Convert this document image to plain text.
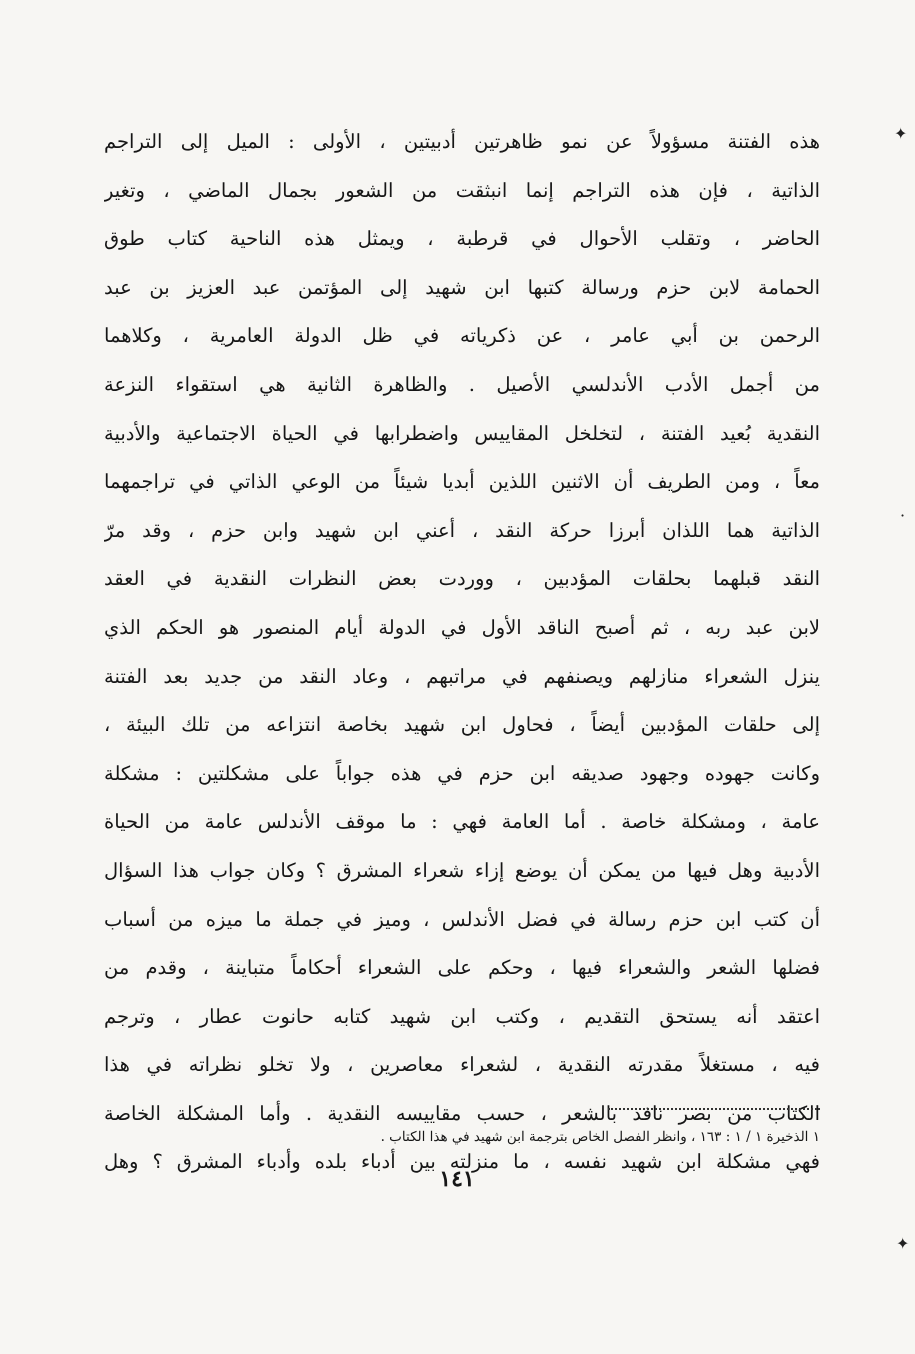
✦
·
✦
هذه الفتنة مسؤولاً عن نمو ظاهرتين أدبيتين ، الأولى : الميل إلى التراجم
الذاتية ، فإن هذه التراجم إنما انبثقت من الشعور بجمال الماضي ، وتغير
الحاضر ، وتقلب الأحوال في قرطبة ، ويمثل هذه الناحية كتاب طوق
الحمامة لابن حزم ورسالة كتبها ابن شهيد إلى المؤتمن عبد العزيز بن عبد
الرحمن بن أبي عامر ، عن ذكرياته في ظل الدولة العامرية ، وكلاهما
من أجمل الأدب الأندلسي الأصيل . والظاهرة الثانية هي استقواء النزعة
النقدية بُعيد الفتنة ، لتخلخل المقاييس واضطرابها في الحياة الاجتماعية والأدبية
معاً ، ومن الطريف أن الاثنين اللذين أبديا شيئاً من الوعي الذاتي في تراجمهما
الذاتية هما اللذان أبرزا حركة النقد ، أعني ابن شهيد وابن حزم ، وقد مرّ
النقد قبلهما بحلقات المؤدبين ، ووردت بعض النظرات النقدية في العقد
لابن عبد ربه ، ثم أصبح الناقد الأول في الدولة أيام المنصور هو الحكم الذي
ينزل الشعراء منازلهم ويصنفهم في مراتبهم ، وعاد النقد من جديد بعد الفتنة
إلى حلقات المؤدبين أيضاً ، فحاول ابن شهيد بخاصة انتزاعه من تلك البيئة ،
وكانت جهوده وجهود صديقه ابن حزم في هذه جواباً على مشكلتين : مشكلة
عامة ، ومشكلة خاصة . أما العامة فهي : ما موقف الأندلس عامة من الحياة
الأدبية وهل فيها من يمكن أن يوضع إزاء شعراء المشرق ؟ وكان جواب هذا السؤال
أن كتب ابن حزم رسالة في فضل الأندلس ، وميز في جملة ما ميزه من أسباب
فضلها الشعر والشعراء فيها ، وحكم على الشعراء أحكاماً متباينة ، وقدم من
اعتقد أنه يستحق التقديم ، وكتب ابن شهيد كتابه حانوت عطار ، وترجم
فيه ، مستغلاً مقدرته النقدية ، لشعراء معاصرين ، ولا تخلو نظراته في هذا
الكتاب من بصر نافذ بالشعر ، حسب مقاييسه النقدية . وأما المشكلة الخاصة
فهي مشكلة ابن شهيد نفسه ، ما منزلته بين أدباء بلده وأدباء المشرق ؟ وهل
١ الذخيرة ١ / ١ : ١٦٣ ، وانظر الفصل الخاص بترجمة ابن شهيد في هذا الكتاب .
١٤١
